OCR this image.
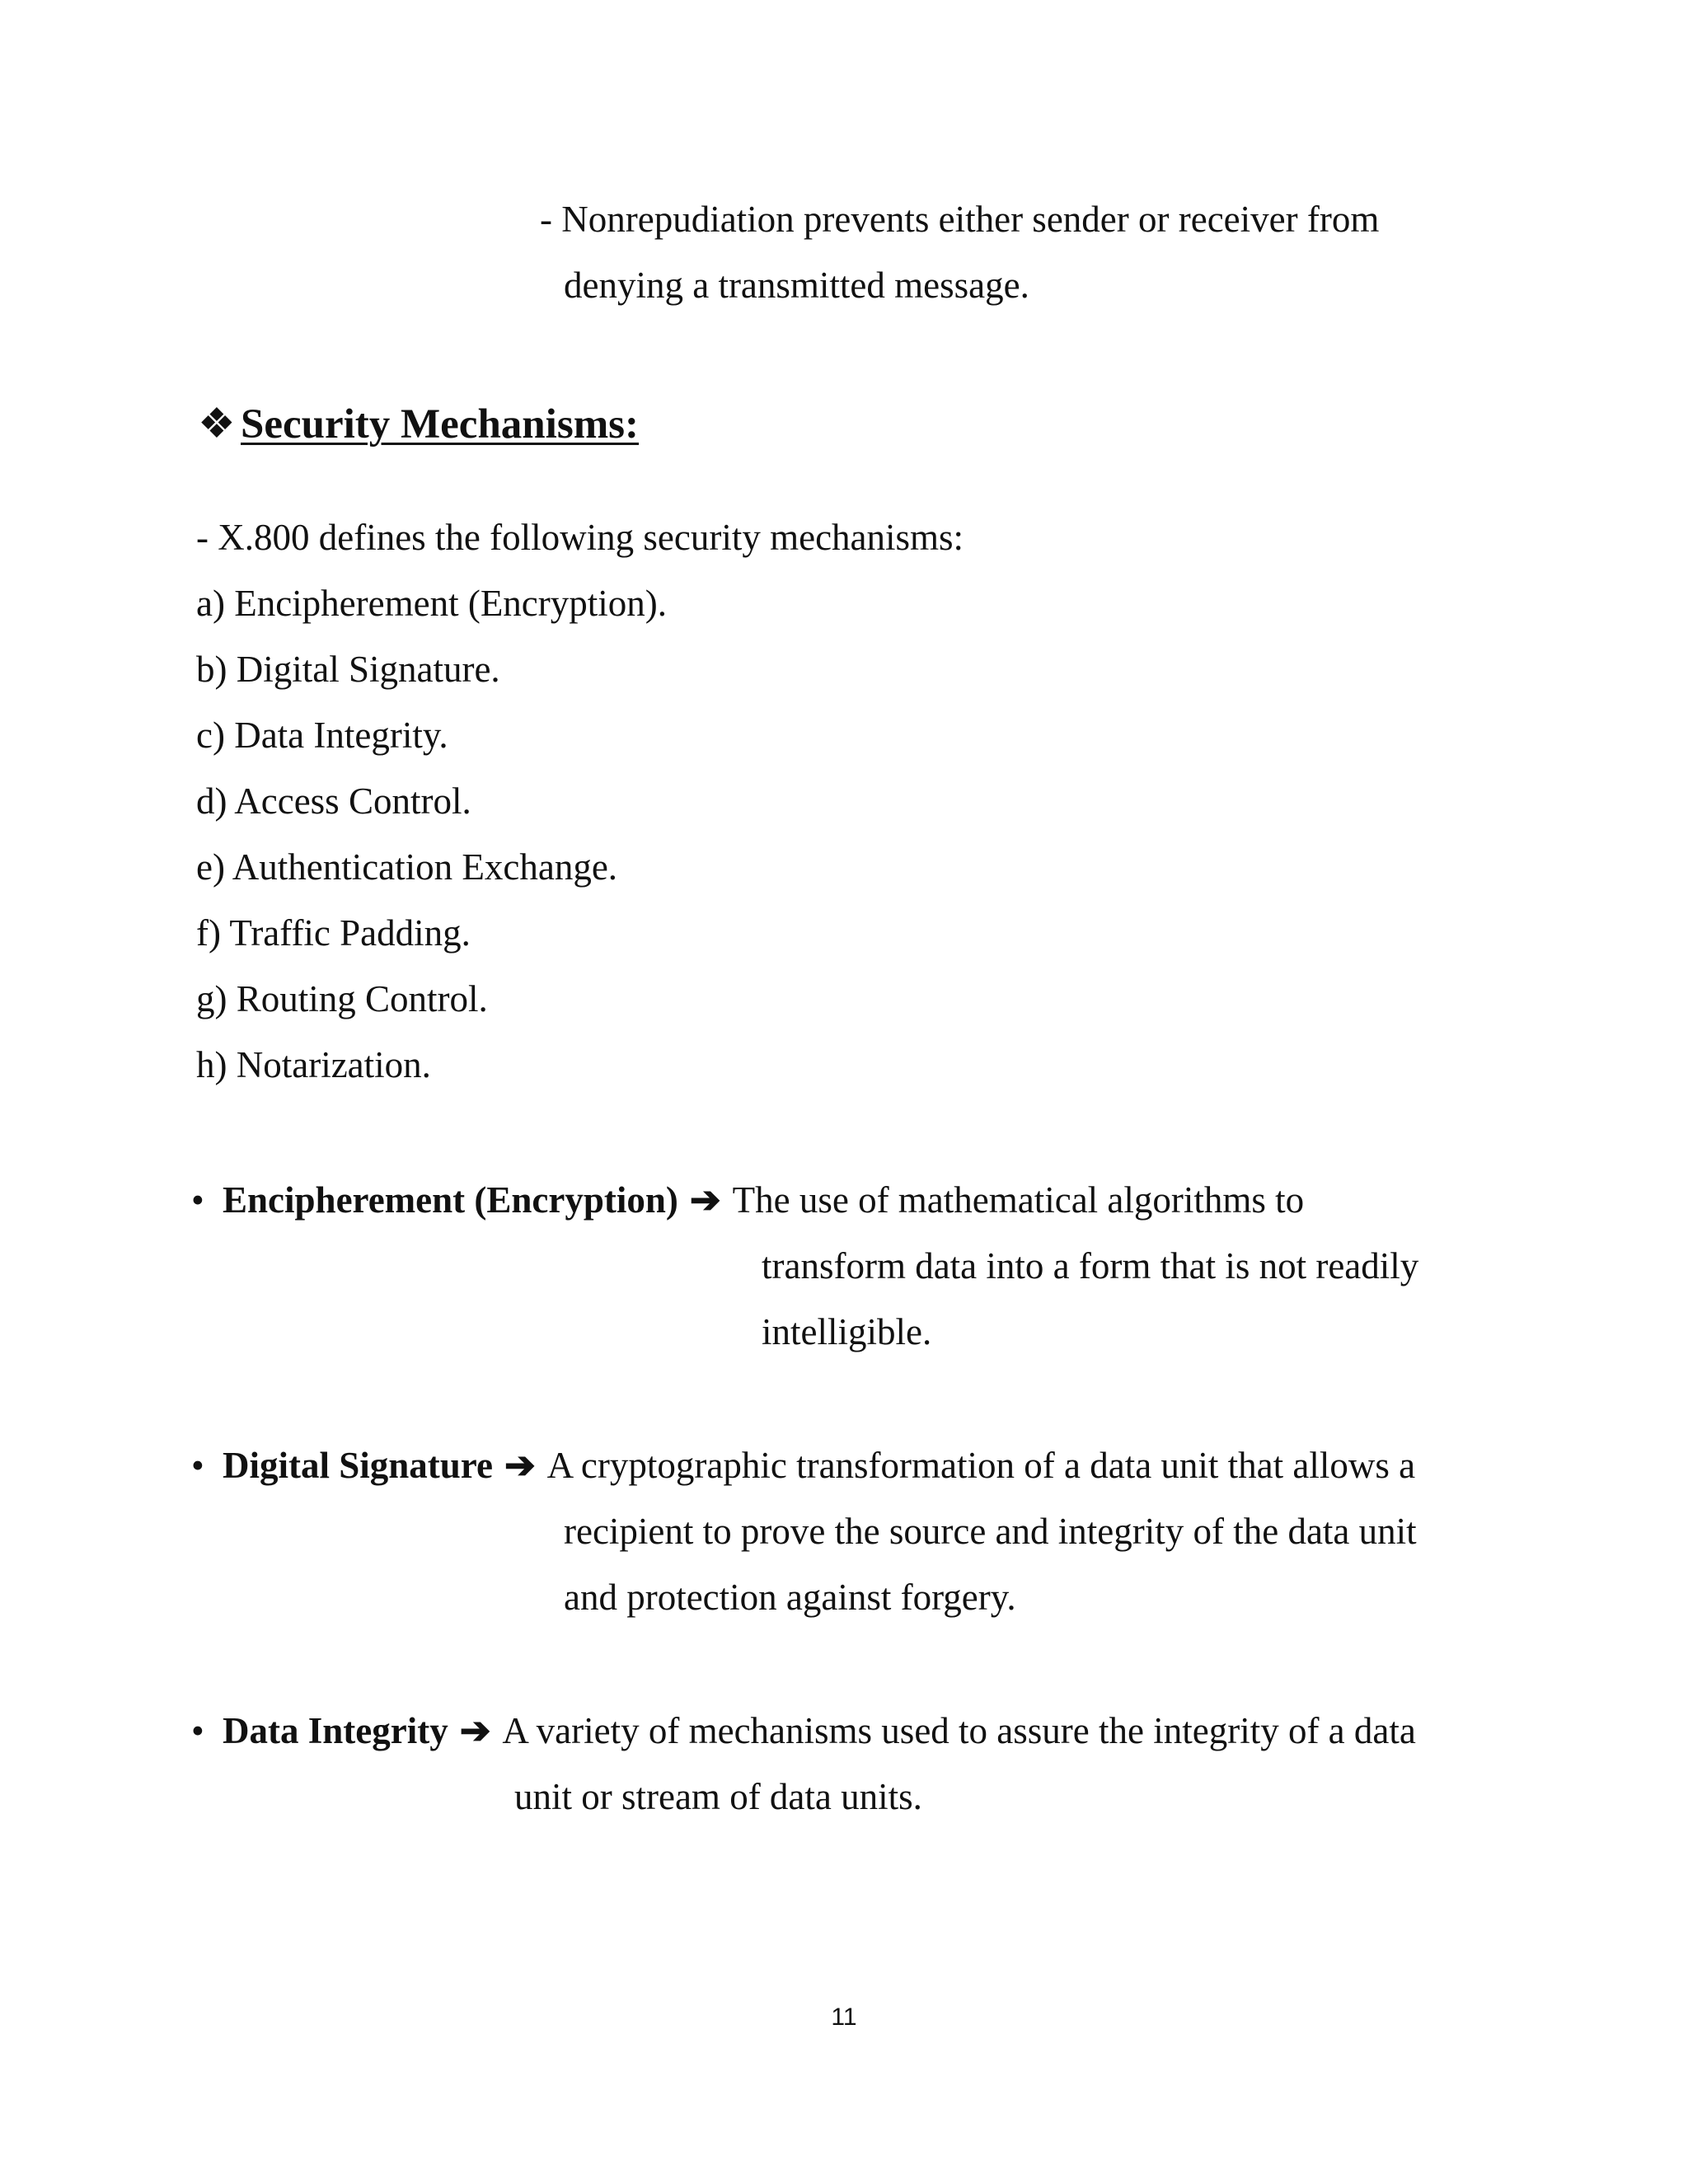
- Nonrepudiation prevents either sender or receiver from
denying a transmitted message.
❖ Security Mechanisms:
- X.800 defines the following security mechanisms:
a) Encipherement (Encryption).
b) Digital Signature.
c) Data Integrity.
d) Access Control.
e) Authentication Exchange.
f) Traffic Padding.
g) Routing Control.
h) Notarization.
• Encipherement (Encryption) ➔ The use of mathematical algorithms to
transform data into a form that is not readily
intelligible.
• Digital Signature ➔ A cryptographic transformation of a data unit that allows a
recipient to prove the source and integrity of the data unit
and protection against forgery.
• Data Integrity ➔ A variety of mechanisms used to assure the integrity of a data
unit or stream of data units.
11
